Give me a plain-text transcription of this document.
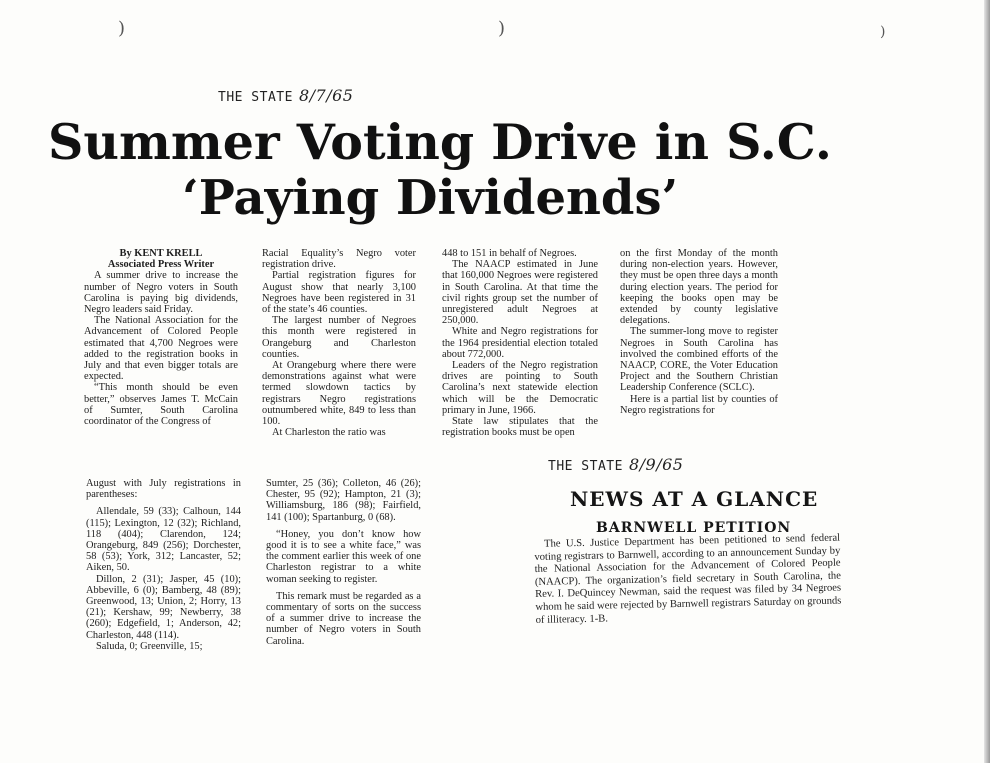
)	)	)
THE STATE 8/7/65
Summer Voting Drive in S.C.
‘Paying Dividends’
By KENT KRELL
Associated Press Writer

A summer drive to increase the number of Negro voters in South Carolina is paying big dividends, Negro leaders said Friday.

The National Association for the Advancement of Colored People estimated that 4,700 Negroes were added to the registration books in July and that even bigger totals are expected.

“This month should be even better,” observes James T. McCain of Sumter, South Carolina coordinator of the Congress of

Racial Equality’s Negro voter registration drive.

Partial registration figures for August show that nearly 3,100 Negroes have been registered in 31 of the state’s 46 counties.

The largest number of Negroes this month were registered in Orangeburg and Charleston counties.

At Orangeburg where there were demonstrations against what were termed slowdown tactics by registrars Negro registrations outnumbered white, 849 to less than 100.

At Charleston the ratio was

448 to 151 in behalf of Negroes.

The NAACP estimated in June that 160,000 Negroes were registered in South Carolina. At that time the civil rights group set the number of unregistered adult Negroes at 250,000.

White and Negro registrations for the 1964 presidential election totaled about 772,000.

Leaders of the Negro registration drives are pointing to South Carolina’s next statewide election which will be the Democratic primary in June, 1966.

State law stipulates that the registration books must be open

on the first Monday of the month during non-election years. However, they must be open three days a month during election years. The period for keeping the books open may be extended by county legislative delegations.

The summer-long move to register Negroes in South Carolina has involved the combined efforts of the NAACP, CORE, the Voter Education Project and the Southern Christian Leadership Conference (SCLC).

Here is a partial list by counties of Negro registrations for

August with July registrations in parentheses:

Allendale, 59 (33); Calhoun, 144 (115); Lexington, 12 (32); Richland, 118 (404); Clarendon, 124; Orangeburg, 849 (256); Dorchester, 58 (53); York, 312; Lancaster, 52; Aiken, 50.

Dillon, 2 (31); Jasper, 45 (10); Abbeville, 6 (0); Bamberg, 48 (89); Greenwood, 13; Union, 2; Horry, 13 (21); Kershaw, 99; Newberry, 38 (260); Edgefield, 1; Anderson, 42; Charleston, 448 (114).

Saluda, 0; Greenville, 15;

Sumter, 25 (36); Colleton, 46 (26); Chester, 95 (92); Hampton, 21 (3); Williamsburg, 186 (98); Fairfield, 141 (100); Spartanburg, 0 (68).

“Honey, you don’t know how good it is to see a white face,” was the comment earlier this week of one Charleston registrar to a white woman seeking to register.

This remark must be regarded as a commentary of sorts on the success of a summer drive to increase the number of Negro voters in South Carolina.

THE STATE 8/9/65
NEWS AT A GLANCE
BARNWELL PETITION

The U.S. Justice Department has been petitioned to send federal voting registrars to Barnwell, according to an announcement Sunday by the National Association for the Advancement of Colored People (NAACP). The organization’s field secretary in South Carolina, the Rev. I. DeQuincey Newman, said the request was filed by 34 Negroes whom he said were rejected by Barnwell registrars Saturday on grounds of illiteracy. 1-B.
